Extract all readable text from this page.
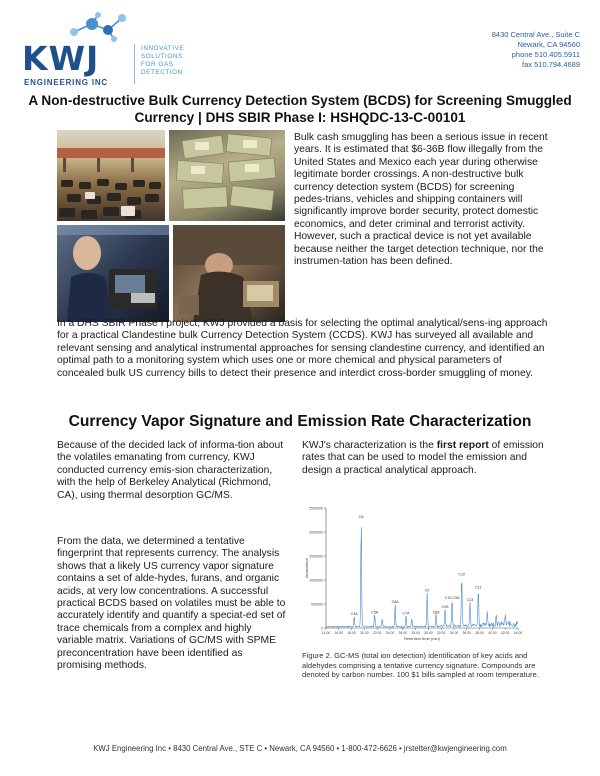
KWJ
ENGINEERING INC
INNOVATIVE
SOLUTIONS
FOR GAS
DETECTION
8430 Central Ave., Suite C
Newark, CA 94560
phone 510.405.5911
fax 510.794.4689
A Non-destructive Bulk Currency Detection System (BCDS) for Screening Smuggled Currency | DHS SBIR Phase I: HSHQDC-13-C-00101
Bulk cash smuggling has been a serious issue in recent years. It is estimated that $6-36B flow illegally from the United States and Mexico each year during otherwise legitimate border crossings. A non-destructive bulk currency detection system (BCDS) for screening pedes-trians, vehicles and shipping containers will significantly improve border security, protect domestic economics, and deter criminal and terrorist activity. However, such a practical device is not yet available because neither the target detection technique, nor the instrumen-tation has been defined.
In a DHS SBIR Phase I project, KWJ provided a basis for selecting the optimal analytical/sens-ing approach for a practical Clandestine bulk Currency Detection System (CCDS). KWJ has surveyed all available and relevant sensing and analytical instrumental approaches for sensing clandestine currency, and identified an optimal path to a monitoring system which uses one or more chemical and physical parameters of concealed bulk US currency bills to detect their presence and interdict cross-border smuggling of money.
Currency Vapor Signature and Emission Rate Characterization
Because of the decided lack of informa-tion about the volatiles emanating from currency, KWJ conducted currency emis-sion characterization, with the help of Berkeley Analytical (Richmond, CA), using thermal desorption GC/MS.
From the data, we determined a tentative fingerprint that represents currency. The analysis shows that a likely US currency vapor signature contains a set of alde-hydes, furans, and organic acids, at very low concentrations. A successful practical BCDS based on volatiles must be able to accurately identify and quantify a speciat-ed set of trace chemicals from a complex and highly variable matrix. Variations of GC/MS with SPME preconcentration have been identified as promising methods.
KWJ's characterization is the first report of emission rates that can be used to model the emission and design a practical analytical approach.
0
500000
1000000
1500000
2000000
2500000
14.00 16.00 18.00 20.00 22.00 24.00 26.00 28.00 30.00 32.00 34.00 36.00 38.00 40.00 42.00 44.00
Retention time (min)
Abundance
C6
C4A	C5A
C6A
C7A
C9
C8A
C9A
C10 C9A
C10
C13
C11
Figure 2. GC-MS (total ion detection) identification of key acids and aldehydes comprising a tentative currency signature. Compounds are denoted by carbon number. 100 $1 bills sampled at room temperature.
KWJ Engineering Inc • 8430 Central Ave., STE C • Newark, CA 94560 • 1-800-472-6626 • jrstetter@kwjengineering.com
